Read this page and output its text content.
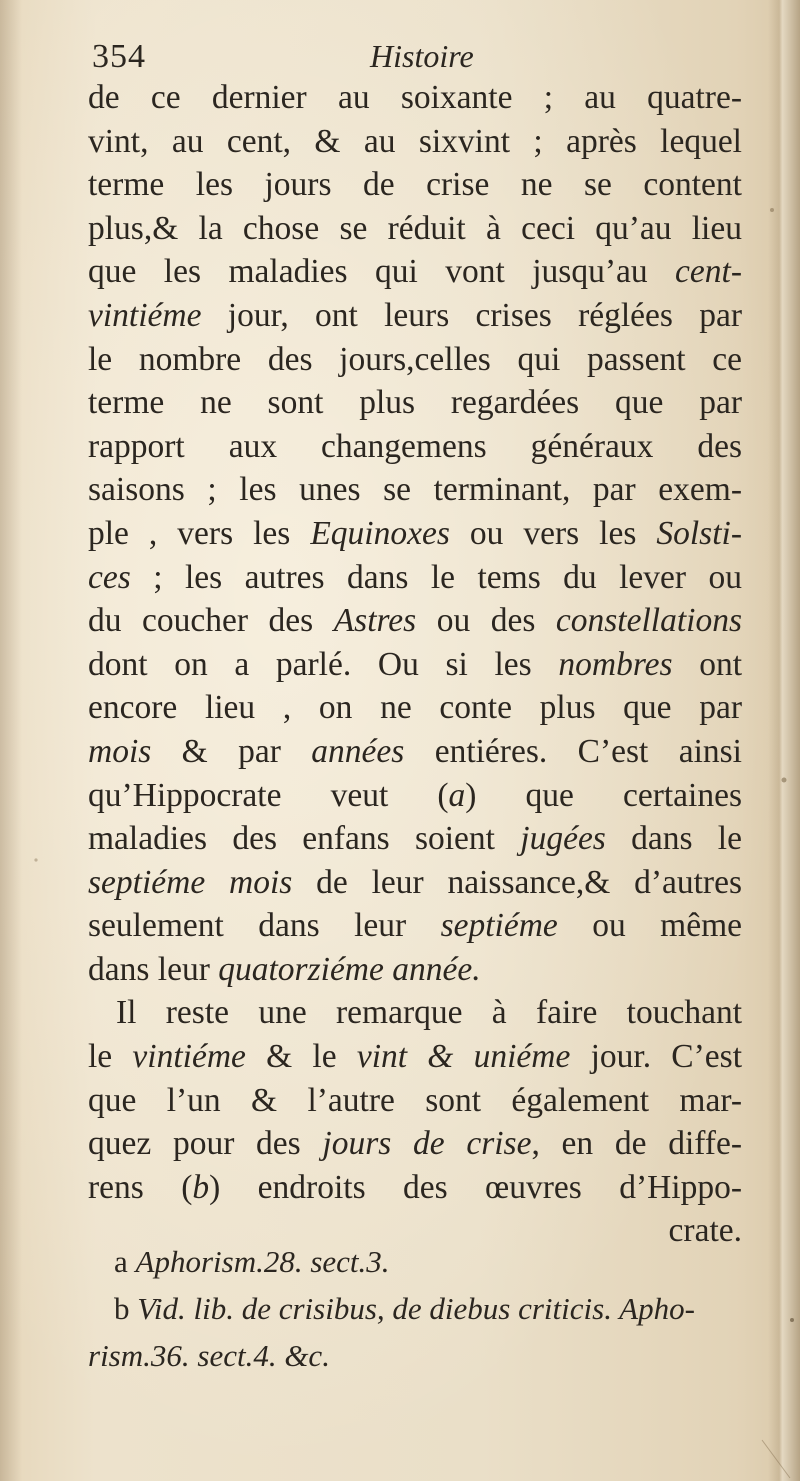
354	Histoire
de ce dernier au soixante ; au quatre-
vint, au cent, & au sixvint ; après lequel
terme les jours de crise ne se content
plus,& la chose se réduit à ceci qu’au lieu
que les maladies qui vont jusqu’au cent-
vintiéme jour, ont leurs crises réglées par
le nombre des jours,celles qui passent ce
terme ne sont plus regardées que par
rapport aux changemens généraux des
saisons ; les unes se terminant, par exem-
ple , vers les Equinoxes ou vers les Solsti-
ces ; les autres dans le tems du lever ou
du coucher des Astres ou des constellations
dont on a parlé. Ou si les nombres ont
encore lieu , on ne conte plus que par
mois & par années entiéres. C’est ainsi
qu’Hippocrate veut (a) que certaines
maladies des enfans soient jugées dans le
septiéme mois de leur naissance,& d’autres
seulement dans leur septiéme ou même
dans leur quatorziéme année.
Il reste une remarque à faire touchant
le vintiéme & le vint & uniéme jour. C’est
que l’un & l’autre sont également mar-
quez pour des jours de crise, en de diffe-
rens (b) endroits des œuvres d’Hippo-
crate.
a Aphorism.28. sect.3.
b Vid. lib. de crisibus, de diebus criticis. Apho-
rism.36. sect.4. &c.
